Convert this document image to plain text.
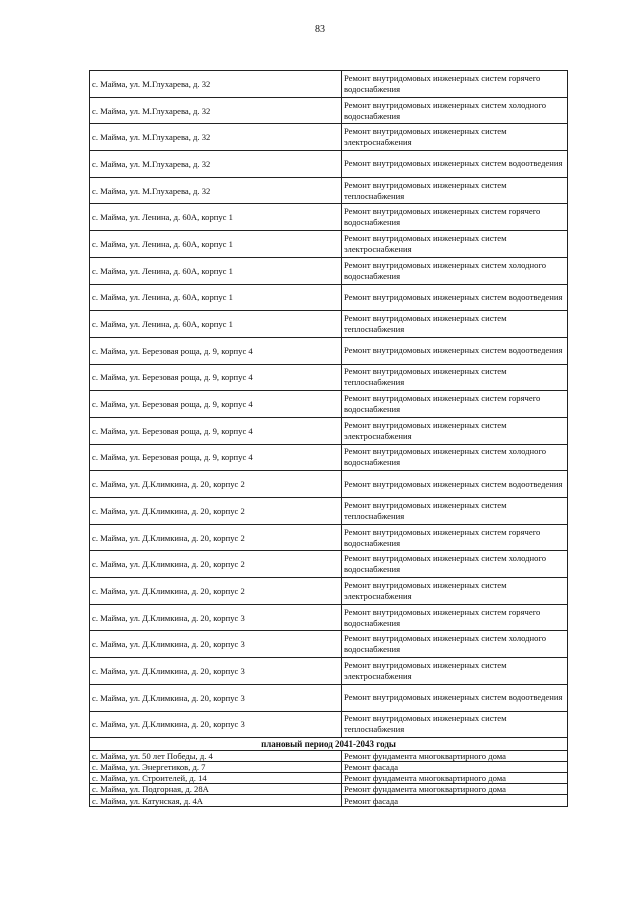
83
с. Майма, ул. М.Глухарева, д. 32	Ремонт внутридомовых инженерных систем горячего водоснабжения
с. Майма, ул. М.Глухарева, д. 32	Ремонт внутридомовых инженерных систем холодного водоснабжения
с. Майма, ул. М.Глухарева, д. 32	Ремонт внутридомовых инженерных систем электроснабжения
с. Майма, ул. М.Глухарева, д. 32	Ремонт внутридомовых инженерных систем водоотведения
с. Майма, ул. М.Глухарева, д. 32	Ремонт внутридомовых инженерных систем теплоснабжения
с. Майма, ул. Ленина, д. 60А, корпус 1	Ремонт внутридомовых инженерных систем горячего водоснабжения
с. Майма, ул. Ленина, д. 60А, корпус 1	Ремонт внутридомовых инженерных систем электроснабжения
с. Майма, ул. Ленина, д. 60А, корпус 1	Ремонт внутридомовых инженерных систем холодного водоснабжения
с. Майма, ул. Ленина, д. 60А, корпус 1	Ремонт внутридомовых инженерных систем водоотведения
с. Майма, ул. Ленина, д. 60А, корпус 1	Ремонт внутридомовых инженерных систем теплоснабжения
с. Майма, ул. Березовая роща, д. 9, корпус 4	Ремонт внутридомовых инженерных систем водоотведения
с. Майма, ул. Березовая роща, д. 9, корпус 4	Ремонт внутридомовых инженерных систем теплоснабжения
с. Майма, ул. Березовая роща, д. 9, корпус 4	Ремонт внутридомовых инженерных систем горячего водоснабжения
с. Майма, ул. Березовая роща, д. 9, корпус 4	Ремонт внутридомовых инженерных систем электроснабжения
с. Майма, ул. Березовая роща, д. 9, корпус 4	Ремонт внутридомовых инженерных систем холодного водоснабжения
с. Майма, ул. Д.Климкина, д. 20, корпус 2	Ремонт внутридомовых инженерных систем водоотведения
с. Майма, ул. Д.Климкина, д. 20, корпус 2	Ремонт внутридомовых инженерных систем теплоснабжения
с. Майма, ул. Д.Климкина, д. 20, корпус 2	Ремонт внутридомовых инженерных систем горячего водоснабжения
с. Майма, ул. Д.Климкина, д. 20, корпус 2	Ремонт внутридомовых инженерных систем холодного водоснабжения
с. Майма, ул. Д.Климкина, д. 20, корпус 2	Ремонт внутридомовых инженерных систем электроснабжения
с. Майма, ул. Д.Климкина, д. 20, корпус 3	Ремонт внутридомовых инженерных систем горячего водоснабжения
с. Майма, ул. Д.Климкина, д. 20, корпус 3	Ремонт внутридомовых инженерных систем холодного водоснабжения
с. Майма, ул. Д.Климкина, д. 20, корпус 3	Ремонт внутридомовых инженерных систем электроснабжения
с. Майма, ул. Д.Климкина, д. 20, корпус 3	Ремонт внутридомовых инженерных систем водоотведения
с. Майма, ул. Д.Климкина, д. 20, корпус 3	Ремонт внутридомовых инженерных систем теплоснабжения
плановый период 2041-2043 годы	
с. Майма, ул. 50 лет Победы, д. 4	Ремонт фундамента многоквартирного дома
с. Майма, ул. Энергетиков, д. 7	Ремонт фасада
с. Майма, ул. Строителей, д. 14	Ремонт фундамента многоквартирного дома
с. Майма, ул. Подгорная, д. 28А	Ремонт фундамента многоквартирного дома
с. Майма, ул. Катунская, д. 4А	Ремонт фасада
